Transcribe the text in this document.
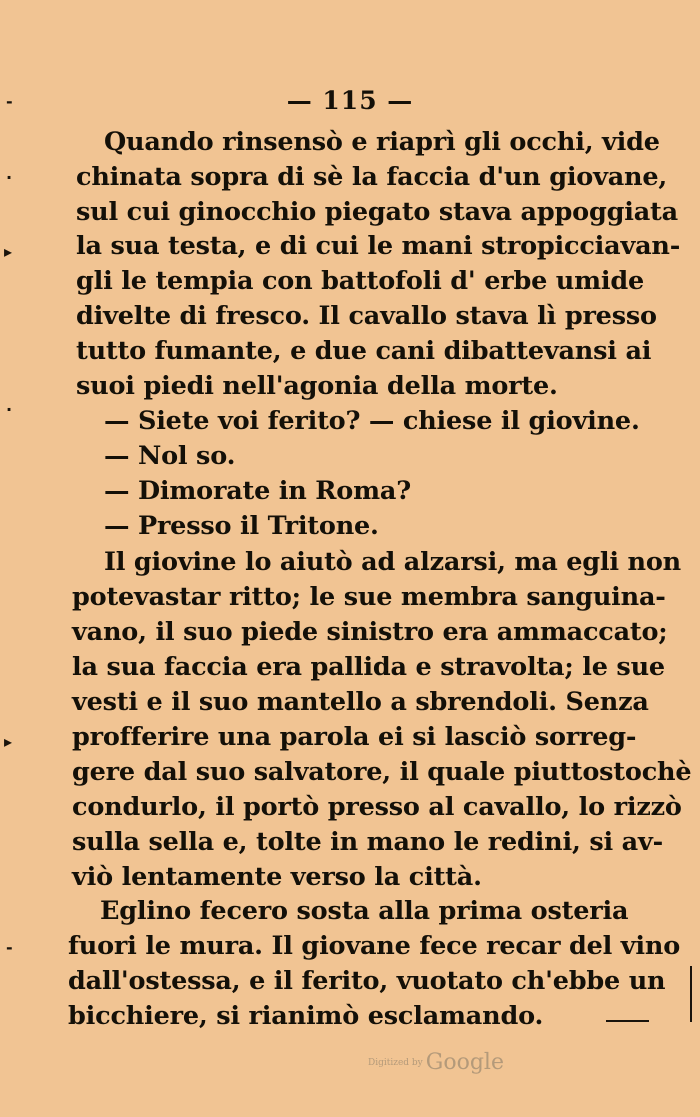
— 115 —
Quando rinsensò e riaprì gli occhi, vide
chinata sopra di sè la faccia d'un giovane,
sul cui ginocchio piegato stava appoggiata
la sua testa, e di cui le mani stropicciavan-
gli le tempia con battofoli d' erbe umide
divelte di fresco. Il cavallo stava lì presso
tutto fumante, e due cani dibattevansi ai
suoi piedi nell'agonia della morte.
— Siete voi ferito? — chiese il giovine.
— Nol so.
— Dimorate in Roma?
— Presso il Tritone.
Il giovine lo aiutò ad alzarsi, ma egli non
potevastar ritto; le sue membra sanguina-
vano, il suo piede sinistro era ammaccato;
la sua faccia era pallida e stravolta; le sue
vesti e il suo mantello a sbrendoli. Senza
profferire una parola ei si lasciò sorreg-
gere dal suo salvatore, il quale piuttostochè
condurlo, il portò presso al cavallo, lo rizzò
sulla sella e, tolte in mano le redini, si av-
viò lentamente verso la città.
Eglino fecero sosta alla prima osteria
fuori le mura. Il giovane fece recar del vino
dall'ostessa, e il ferito, vuotato ch'ebbe un
bicchiere, si rianimò esclamando.
-
·
▸
·
▸
-
Digitized by Google
